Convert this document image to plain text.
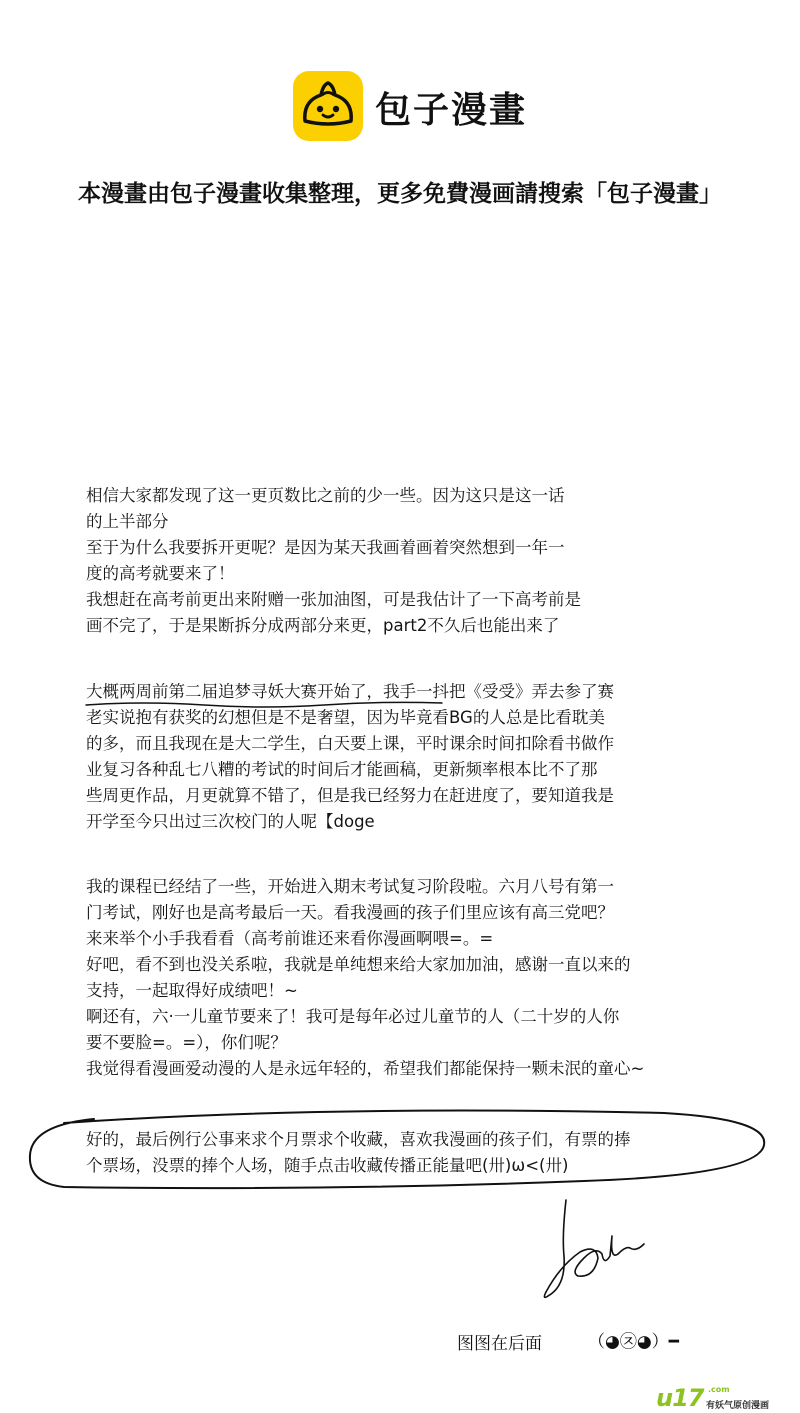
包子漫畫
本漫畫由包子漫畫收集整理，更多免費漫画請搜索「包子漫畫」
相信大家都发现了这一更页数比之前的少一些。因为这只是这一话
的上半部分
至于为什么我要拆开更呢？是因为某天我画着画着突然想到一年一
度的高考就要来了！
我想赶在高考前更出来附赠一张加油图，可是我估计了一下高考前是
画不完了，于是果断拆分成两部分来更，part2不久后也能出来了
大概两周前第二届追梦寻妖大赛开始了，我手一抖把《受受》弄去参了赛
老实说抱有获奖的幻想但是不是奢望，因为毕竟看BG的人总是比看耽美
的多，而且我现在是大二学生，白天要上课，平时课余时间扣除看书做作
业复习各种乱七八糟的考试的时间后才能画稿，更新频率根本比不了那
些周更作品，月更就算不错了，但是我已经努力在赶进度了，要知道我是
开学至今只出过三次校门的人呢【doge
我的课程已经结了一些，开始进入期末考试复习阶段啦。六月八号有第一
门考试，刚好也是高考最后一天。看我漫画的孩子们里应该有高三党吧？
来来举个小手我看看（高考前谁还来看你漫画啊喂=。=
好吧，看不到也没关系啦，我就是单纯想来给大家加加油，感谢一直以来的
支持，一起取得好成绩吧！~
啊还有，六·一儿童节要来了！我可是每年必过儿童节的人（二十岁的人你
要不要脸=。=），你们呢？
我觉得看漫画爱动漫的人是永远年轻的，希望我们都能保持一颗未泯的童心~
好的，最后例行公事来求个月票求个收藏，喜欢我漫画的孩子们，有票的捧
个票场，没票的捧个人场，随手点击收藏传播正能量吧(卅)ω<(卅)
图图在后面	（◕㉨◕）━
u17 .com
有妖气原创漫画
